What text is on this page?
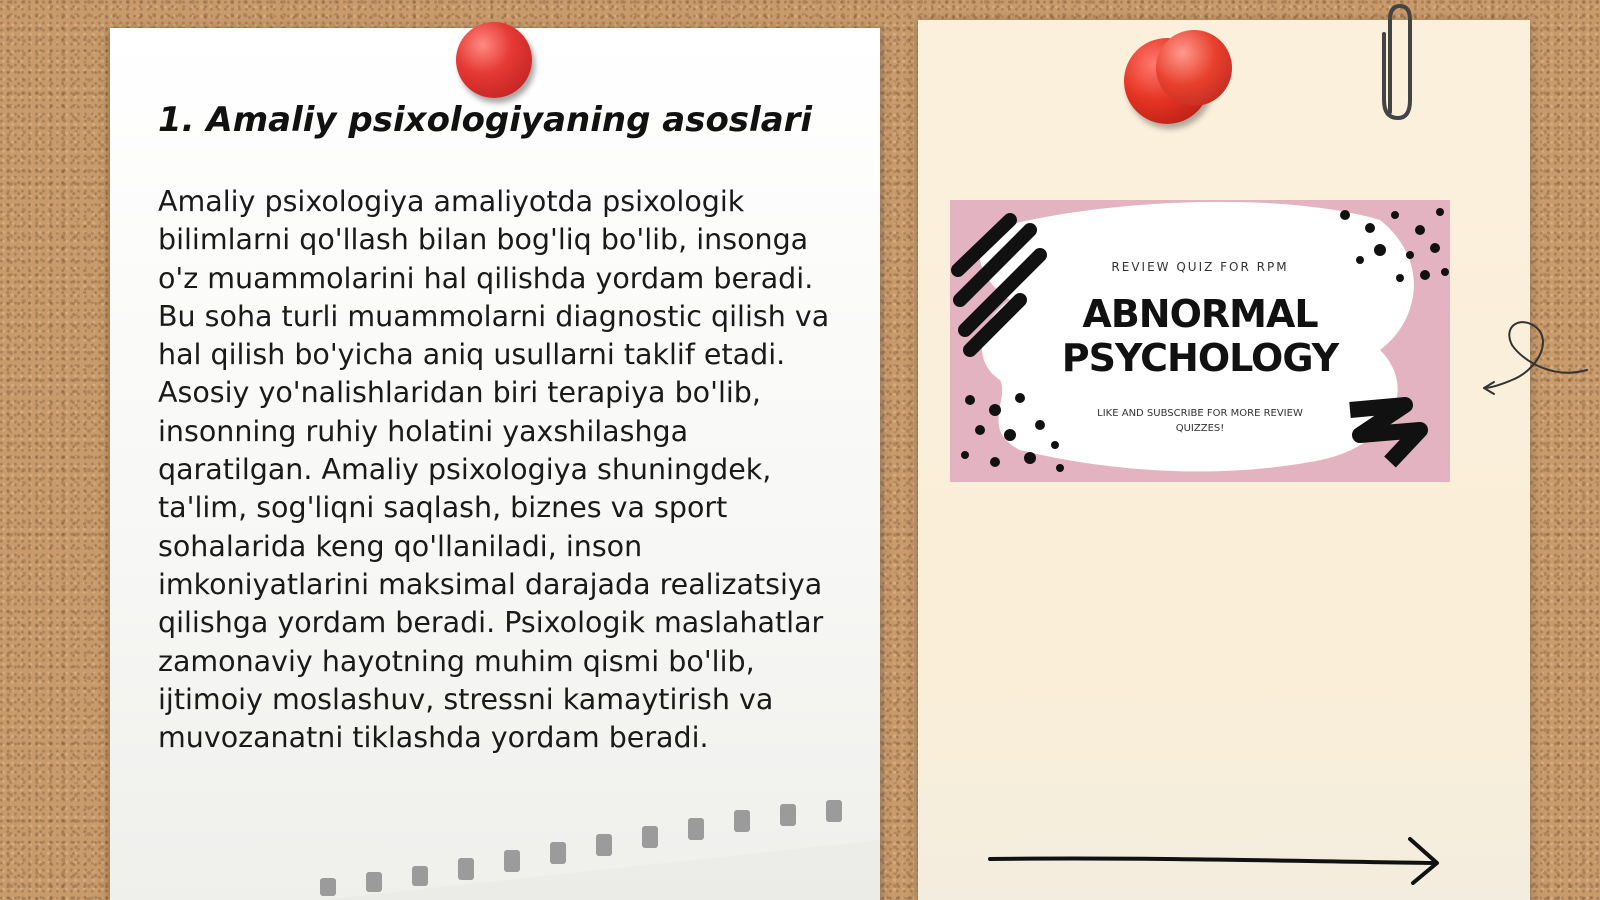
1. Amaliy psixologiyaning asoslari

Amaliy psixologiya amaliyotda psixologik bilimlarni qo'llash bilan bog'liq bo'lib, insonga o'z muammolarini hal qilishda yordam beradi. Bu soha turli muammolarni diagnostic qilish va hal qilish bo'yicha aniq usullarni taklif etadi. Asosiy yo'nalishlaridan biri terapiya bo'lib, insonning ruhiy holatini yaxshilashga qaratilgan. Amaliy psixologiya shuningdek, ta'lim, sog'liqni saqlash, biznes va sport sohalarida keng qo'llaniladi, inson imkoniyatlarini maksimal darajada realizatsiya qilishga yordam beradi. Psixologik maslahatlar zamonaviy hayotning muhim qismi bo'lib, ijtimoiy moslashuv, stressni kamaytirish va muvozanatni tiklashda yordam beradi.

REVIEW QUIZ FOR RPM
ABNORMAL
PSYCHOLOGY
LIKE AND SUBSCRIBE FOR MORE REVIEW QUIZZES!
